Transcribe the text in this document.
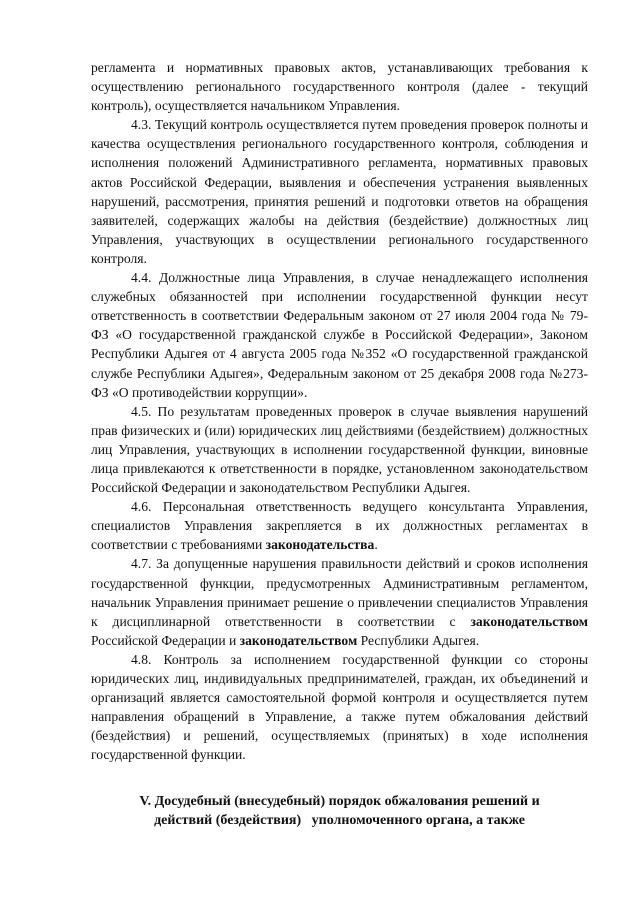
регламента и нормативных правовых актов, устанавливающих требования к осуществлению регионального государственного контроля (далее - текущий контроль), осуществляется начальником Управления.

4.3. Текущий контроль осуществляется путем проведения проверок полноты и качества осуществления регионального государственного контроля, соблюдения и исполнения положений Административного регламента, нормативных правовых актов Российской Федерации, выявления и обеспечения устранения выявленных нарушений, рассмотрения, принятия решений и подготовки ответов на обращения заявителей, содержащих жалобы на действия (бездействие) должностных лиц Управления, участвующих в осуществлении регионального государственного контроля.

4.4. Должностные лица Управления, в случае ненадлежащего исполнения служебных обязанностей при исполнении государственной функции несут ответственность в соответствии Федеральным законом от 27 июля 2004 года № 79-ФЗ «О государственной гражданской службе в Российской Федерации», Законом Республики Адыгея от 4 августа 2005 года №352 «О государственной гражданской службе Республики Адыгея», Федеральным законом от 25 декабря 2008 года №273-ФЗ «О противодействии коррупции».

4.5. По результатам проведенных проверок в случае выявления нарушений прав физических и (или) юридических лиц действиями (бездействием) должностных лиц Управления, участвующих в исполнении государственной функции, виновные лица привлекаются к ответственности в порядке, установленном законодательством Российской Федерации и законодательством Республики Адыгея.

4.6. Персональная ответственность ведущего консультанта Управления, специалистов Управления закрепляется в их должностных регламентах в соответствии с требованиями законодательства.

4.7. За допущенные нарушения правильности действий и сроков исполнения государственной функции, предусмотренных Административным регламентом, начальник Управления принимает решение о привлечении специалистов Управления к дисциплинарной ответственности в соответствии с законодательством Российской Федерации и законодательством Республики Адыгея.

4.8. Контроль за исполнением государственной функции со стороны юридических лиц, индивидуальных предпринимателей, граждан, их объединений и организаций является самостоятельной формой контроля и осуществляется путем направления обращений в Управление, а также путем обжалования действий (бездействия) и решений, осуществляемых (принятых) в ходе исполнения государственной функции.

V. Досудебный (внесудебный) порядок обжалования решений и
действий (бездействия)   уполномоченного органа, а также
